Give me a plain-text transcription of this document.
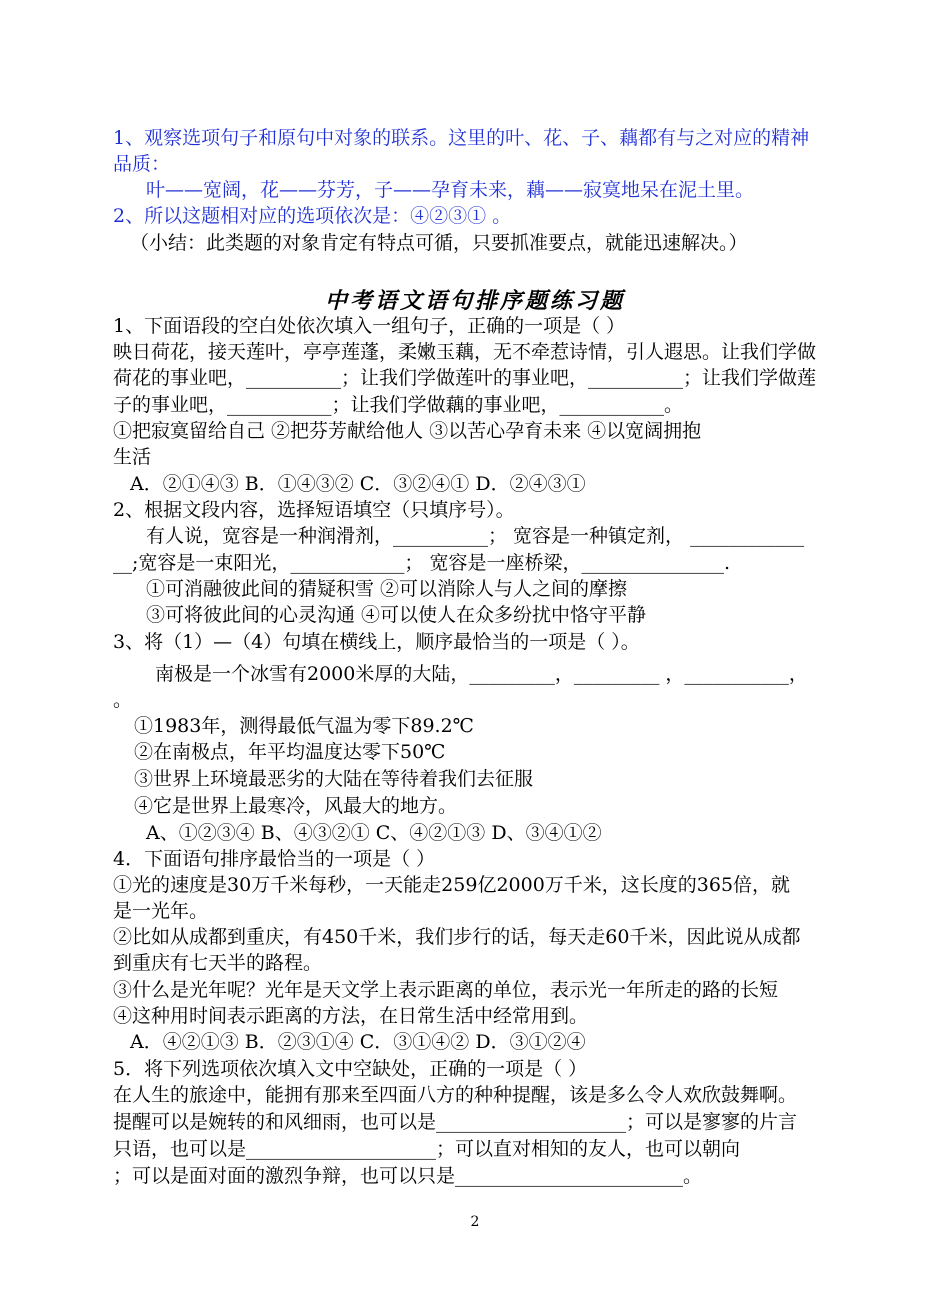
1、观察选项句子和原句中对象的联系。这里的叶、花、子、藕都有与之对应的精神
品质：
叶——宽阔，花——芬芳，子——孕育未来，藕——寂寞地呆在泥土里。
2、所以这题相对应的选项依次是：④②③① 。
（小结：此类题的对象肯定有特点可循，只要抓准要点，就能迅速解决。）
中考语文语句排序题练习题
1、下面语段的空白处依次填入一组句子，正确的一项是（ ）
映日荷花，接天莲叶，亭亭莲蓬，柔嫩玉藕，无不牵惹诗情，引人遐思。让我们学做
荷花的事业吧，__________；让我们学做莲叶的事业吧，__________；让我们学做莲
子的事业吧，___________；让我们学做藕的事业吧，___________。
①把寂寞留给自己 ②把芬芳献给他人 ③以苦心孕育未来 ④以宽阔拥抱
生活
A．②①④③ B．①④③② C．③②④① D．②④③①
2、根据文段内容，选择短语填空（只填序号）。
有人说，宽容是一种润滑剂，__________； 宽容是一种镇定剂， ____________
__;宽容是一束阳光，____________； 宽容是一座桥梁，_______________.
①可消融彼此间的猜疑积雪 ②可以消除人与人之间的摩擦
③可将彼此间的心灵沟通 ④可以使人在众多纷扰中恪守平静
3、将（1）—（4）句填在横线上，顺序最恰当的一项是（ ）。
南极是一个冰雪有2000米厚的大陆，_________，_________ ，___________，
。
①1983年，测得最低气温为零下89.2℃
②在南极点，年平均温度达零下50℃
③世界上环境最恶劣的大陆在等待着我们去征服
④它是世界上最寒冷，风最大的地方。
A、①②③④ B、④③②① C、④②①③ D、③④①②
4．下面语句排序最恰当的一项是（ ）
①光的速度是30万千米每秒，一天能走259亿2000万千米，这长度的365倍，就
是一光年。
②比如从成都到重庆，有450千米，我们步行的话，每天走60千米，因此说从成都
到重庆有七天半的路程。
③什么是光年呢？光年是天文学上表示距离的单位，表示光一年所走的路的长短
④这种用时间表示距离的方法，在日常生活中经常用到。
A．④②①③ B．②③①④ C．③①④② D．③①②④
5．将下列选项依次填入文中空缺处，正确的一项是（ ）
在人生的旅途中，能拥有那来至四面八方的种种提醒，该是多么令人欢欣鼓舞啊。
提醒可以是婉转的和风细雨，也可以是____________________；可以是寥寥的片言
只语，也可以是____________________；可以直对相知的友人，也可以朝向
；可以是面对面的激烈争辩，也可以只是________________________。
2
